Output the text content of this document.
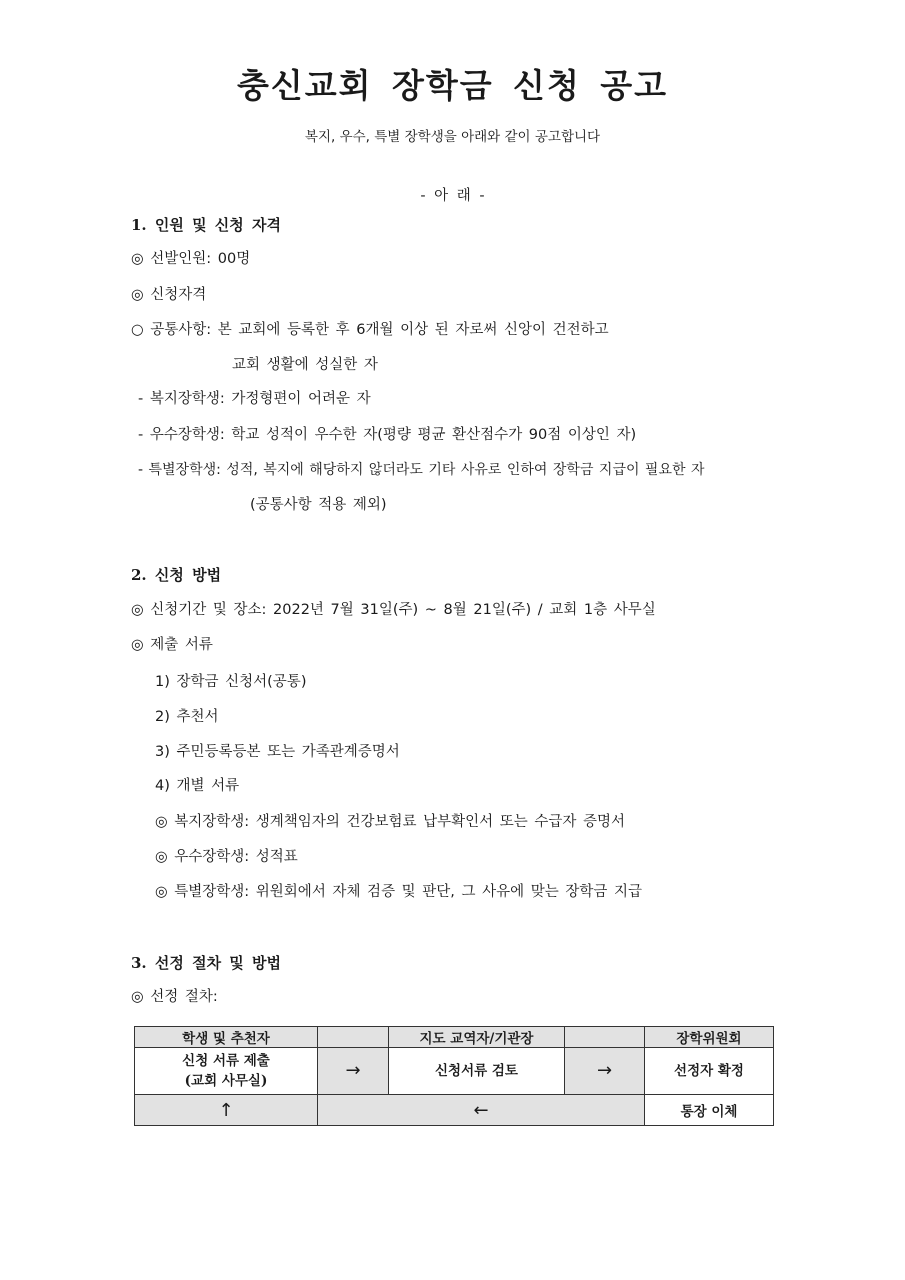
충신교회 장학금 신청 공고
복지, 우수, 특별 장학생을 아래와 같이 공고합니다
- 아 래 -
1. 인원 및 신청 자격
◎ 선발인원: 00명
◎ 신청자격
○ 공통사항: 본 교회에 등록한 후 6개월 이상 된 자로써 신앙이 건전하고
교회 생활에 성실한 자
- 복지장학생: 가정형편이 어려운 자
- 우수장학생: 학교 성적이 우수한 자(평량 평균 환산점수가 90점 이상인 자)
- 특별장학생: 성적, 복지에 해당하지 않더라도 기타 사유로 인하여 장학금 지급이 필요한 자
(공통사항 적용 제외)
2. 신청 방법
◎ 신청기간 및 장소: 2022년 7월 31일(주) ~ 8월 21일(주) / 교회 1층 사무실
◎ 제출 서류
1) 장학금 신청서(공통)
2) 추천서
3) 주민등록등본 또는 가족관계증명서
4) 개별 서류
◎ 복지장학생: 생계책임자의 건강보험료 납부확인서 또는 수급자 증명서
◎ 우수장학생: 성적표
◎ 특별장학생: 위원회에서 자체 검증 및 판단, 그 사유에 맞는 장학금 지급
3. 선정 절차 및 방법
◎ 선정 절차:
학생 및 추천자		지도 교역자/기관장		장학위원회

신청 서류 제출
(교회 사무실)	→	신청서류 검토	→	선정자 확정
↑	←			통장 이체
